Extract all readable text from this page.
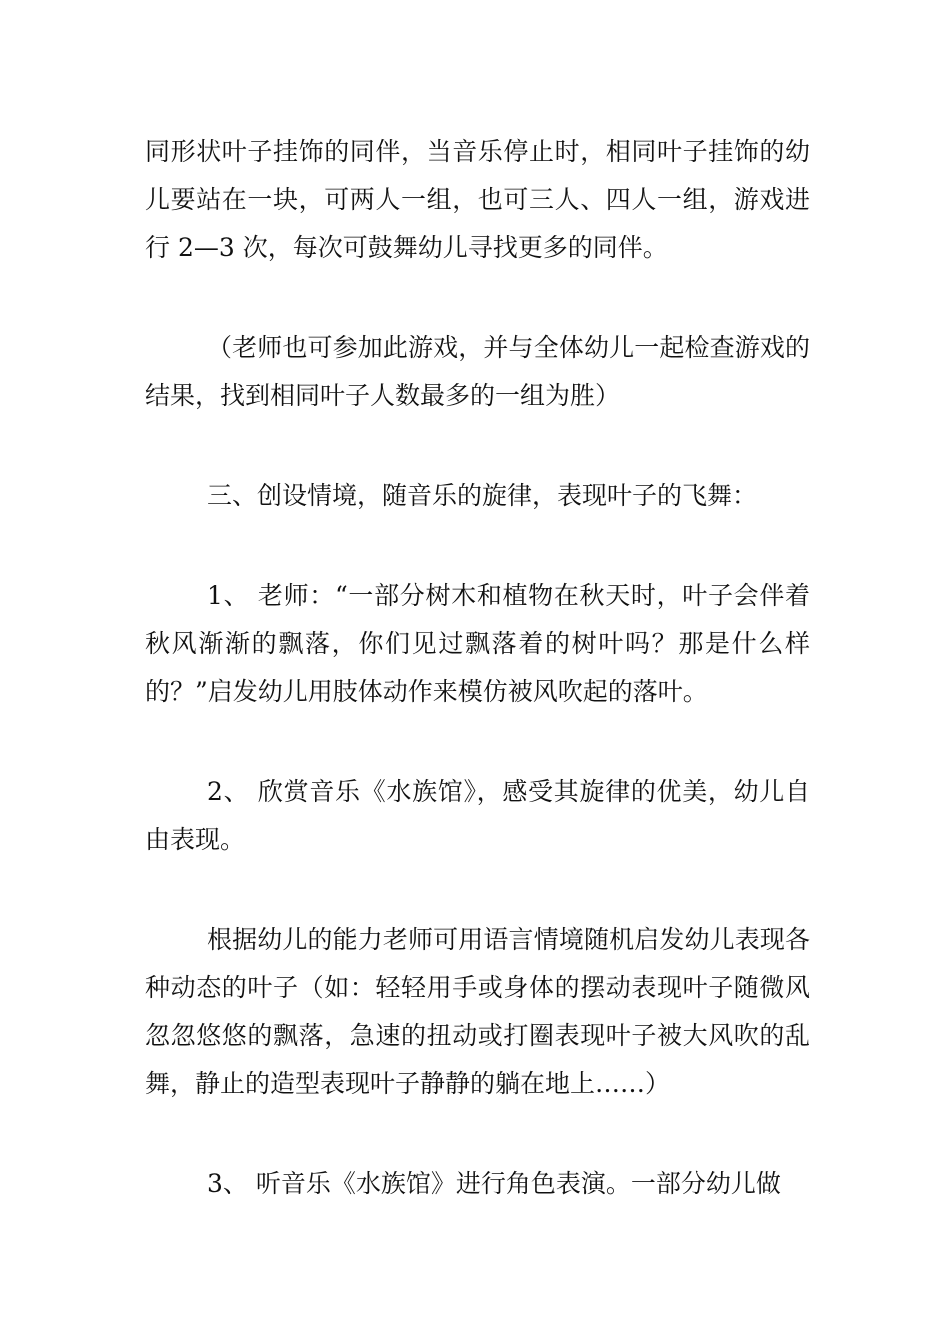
同形状叶子挂饰的同伴，当音乐停止时，相同叶子挂饰的幼儿要站在一块，可两人一组，也可三人、四人一组，游戏进行 2—3 次，每次可鼓舞幼儿寻找更多的同伴。

（老师也可参加此游戏，并与全体幼儿一起检查游戏的结果，找到相同叶子人数最多的一组为胜）

三、创设情境，随音乐的旋律，表现叶子的飞舞：

1、 老师：“一部分树木和植物在秋天时，叶子会伴着秋风渐渐的飘落，你们见过飘落着的树叶吗？那是什么样的？”启发幼儿用肢体动作来模仿被风吹起的落叶。

2、 欣赏音乐《水族馆》，感受其旋律的优美，幼儿自由表现。

根据幼儿的能力老师可用语言情境随机启发幼儿表现各种动态的叶子（如：轻轻用手或身体的摆动表现叶子随微风忽忽悠悠的飘落，急速的扭动或打圈表现叶子被大风吹的乱舞，静止的造型表现叶子静静的躺在地上……）

3、 听音乐《水族馆》进行角色表演。一部分幼儿做
